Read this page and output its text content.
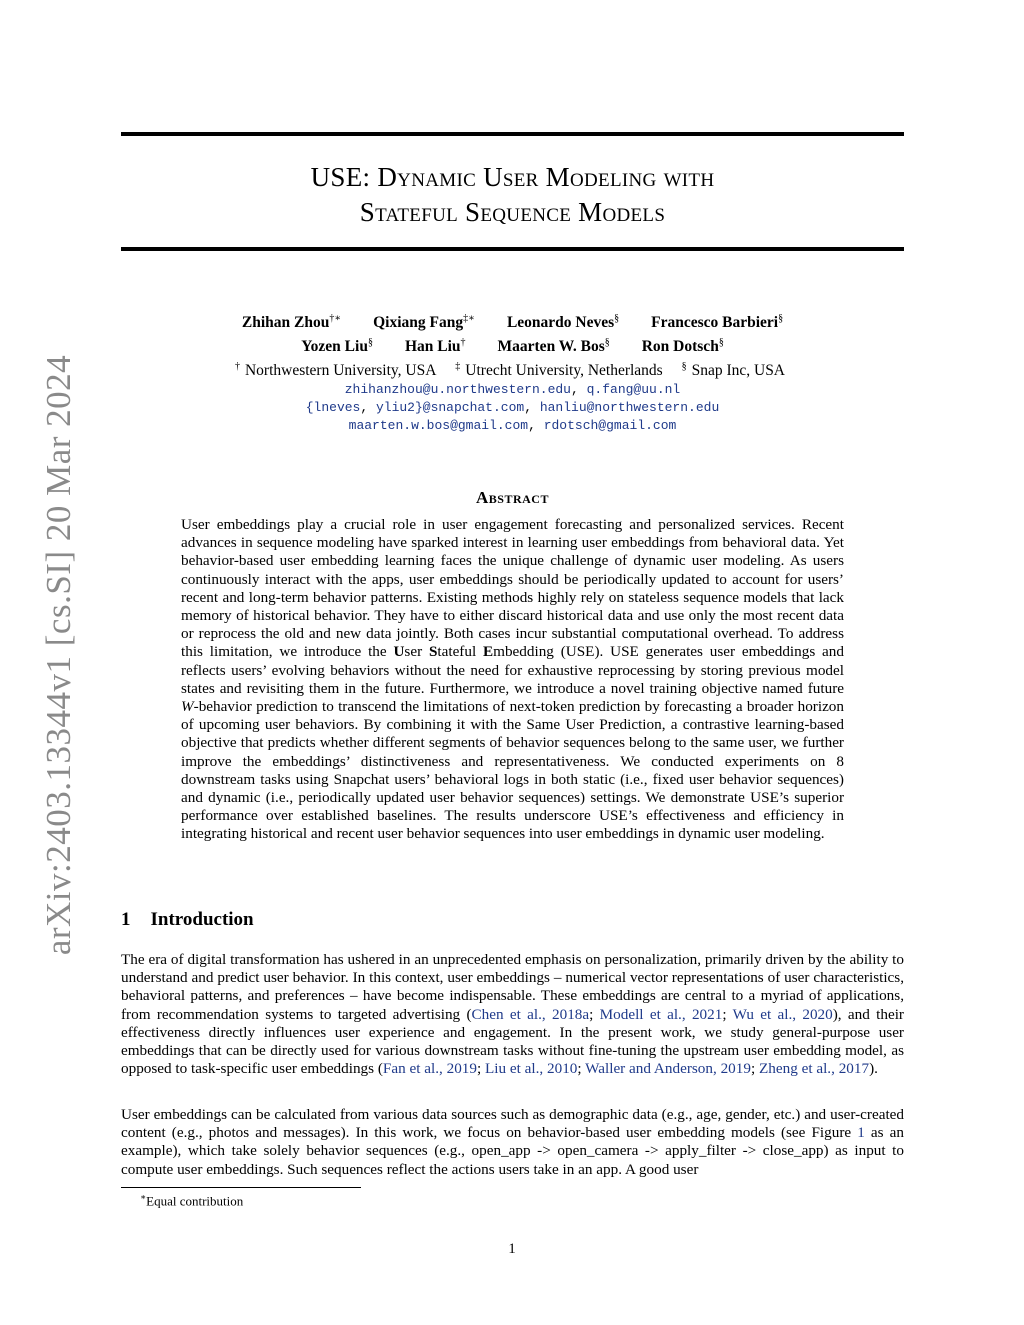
arXiv:2403.13344v1 [cs.SI] 20 Mar 2024
USE: Dynamic User Modeling with
Stateful Sequence Models
Zhihan Zhou†∗ Qixiang Fang‡∗ Leonardo Neves§ Francesco Barbieri§
Yozen Liu§ Han Liu† Maarten W. Bos§ Ron Dotsch§
† Northwestern University, USA ‡ Utrecht University, Netherlands § Snap Inc, USA
zhihanzhou@u.northwestern.edu, q.fang@uu.nl
{lneves, yliu2}@snapchat.com, hanliu@northwestern.edu
maarten.w.bos@gmail.com, rdotsch@gmail.com
Abstract
User embeddings play a crucial role in user engagement forecasting and personalized services. Recent advances in sequence modeling have sparked interest in learning user embeddings from behavioral data. Yet behavior-based user embedding learning faces the unique challenge of dynamic user modeling. As users continuously interact with the apps, user embeddings should be periodically updated to account for users’ recent and long-term behavior patterns. Existing methods highly rely on stateless sequence models that lack memory of historical behavior. They have to either discard historical data and use only the most recent data or reprocess the old and new data jointly. Both cases incur substantial computational overhead. To address this limitation, we introduce the User Stateful Embedding (USE). USE generates user embeddings and reflects users’ evolving behaviors without the need for exhaustive reprocessing by storing previous model states and revisiting them in the future. Furthermore, we introduce a novel training objective named future W-behavior prediction to transcend the limitations of next-token prediction by forecasting a broader horizon of upcoming user behaviors. By combining it with the Same User Prediction, a contrastive learning-based objective that predicts whether different segments of behavior sequences belong to the same user, we further improve the embeddings’ distinctiveness and representativeness. We conducted experiments on 8 downstream tasks using Snapchat users’ behavioral logs in both static (i.e., fixed user behavior sequences) and dynamic (i.e., periodically updated user behavior sequences) settings. We demonstrate USE’s superior performance over established baselines. The results underscore USE’s effectiveness and efficiency in integrating historical and recent user behavior sequences into user embeddings in dynamic user modeling.
1 Introduction
The era of digital transformation has ushered in an unprecedented emphasis on personalization, primarily driven by the ability to understand and predict user behavior. In this context, user embeddings – numerical vector representations of user characteristics, behavioral patterns, and preferences – have become indispensable. These embeddings are central to a myriad of applications, from recommendation systems to targeted advertising (Chen et al., 2018a; Modell et al., 2021; Wu et al., 2020), and their effectiveness directly influences user experience and engagement. In the present work, we study general-purpose user embeddings that can be directly used for various downstream tasks without fine-tuning the upstream user embedding model, as opposed to task-specific user embeddings (Fan et al., 2019; Liu et al., 2010; Waller and Anderson, 2019; Zheng et al., 2017).
User embeddings can be calculated from various data sources such as demographic data (e.g., age, gender, etc.) and user-created content (e.g., photos and messages). In this work, we focus on behavior-based user embedding models (see Figure 1 as an example), which take solely behavior sequences (e.g., open_app -> open_camera -> apply_filter -> close_app) as input to compute user embeddings. Such sequences reflect the actions users take in an app. A good user
∗Equal contribution
1
